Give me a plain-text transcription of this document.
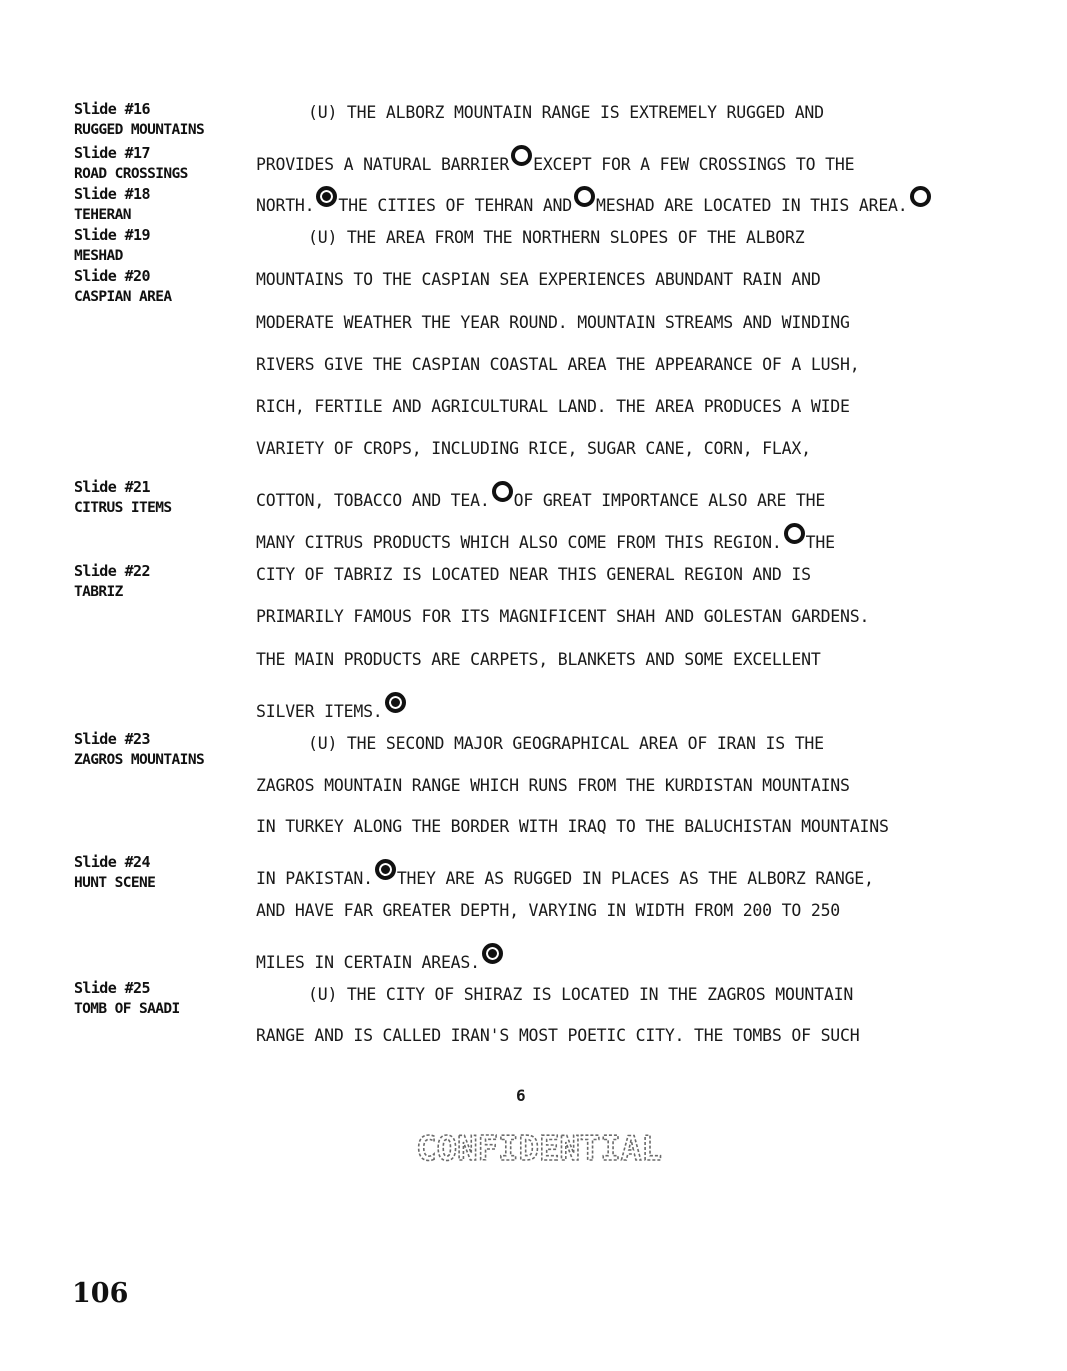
Slide #16
RUGGED MOUNTAINS
Slide #17
ROAD CROSSINGS
Slide #18
TEHERAN
Slide #19
MESHAD
Slide #20
CASPIAN AREA
Slide #21
CITRUS ITEMS
Slide #22
TABRIZ
Slide #23
ZAGROS MOUNTAINS
Slide #24
HUNT SCENE
Slide #25
TOMB OF SAADI
(U) THE ALBORZ MOUNTAIN RANGE IS EXTREMELY RUGGED AND
PROVIDES A NATURAL BARRIER EXCEPT FOR A FEW CROSSINGS TO THE
NORTH. THE CITIES OF TEHRAN AND MESHAD ARE LOCATED IN THIS AREA.
(U) THE AREA FROM THE NORTHERN SLOPES OF THE ALBORZ
MOUNTAINS TO THE CASPIAN SEA EXPERIENCES ABUNDANT RAIN AND
MODERATE WEATHER THE YEAR ROUND. MOUNTAIN STREAMS AND WINDING
RIVERS GIVE THE CASPIAN COASTAL AREA THE APPEARANCE OF A LUSH,
RICH, FERTILE AND AGRICULTURAL LAND. THE AREA PRODUCES A WIDE
VARIETY OF CROPS, INCLUDING RICE, SUGAR CANE, CORN, FLAX,
COTTON, TOBACCO AND TEA. OF GREAT IMPORTANCE ALSO ARE THE
MANY CITRUS PRODUCTS WHICH ALSO COME FROM THIS REGION. THE
CITY OF TABRIZ IS LOCATED NEAR THIS GENERAL REGION AND IS
PRIMARILY FAMOUS FOR ITS MAGNIFICENT SHAH AND GOLESTAN GARDENS.
THE MAIN PRODUCTS ARE CARPETS, BLANKETS AND SOME EXCELLENT
SILVER ITEMS.
(U) THE SECOND MAJOR GEOGRAPHICAL AREA OF IRAN IS THE
ZAGROS MOUNTAIN RANGE WHICH RUNS FROM THE KURDISTAN MOUNTAINS
IN TURKEY ALONG THE BORDER WITH IRAQ TO THE BALUCHISTAN MOUNTAINS
IN PAKISTAN. THEY ARE AS RUGGED IN PLACES AS THE ALBORZ RANGE,
AND HAVE FAR GREATER DEPTH, VARYING IN WIDTH FROM 200 TO 250
MILES IN CERTAIN AREAS.
(U) THE CITY OF SHIRAZ IS LOCATED IN THE ZAGROS MOUNTAIN
RANGE AND IS CALLED IRAN'S MOST POETIC CITY. THE TOMBS OF SUCH
6
CONFIDENTIAL
106
